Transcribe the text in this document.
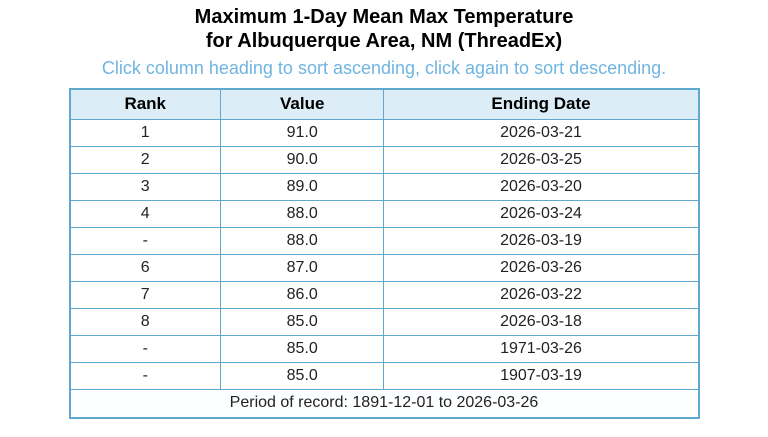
Maximum 1-Day Mean Max Temperature
for Albuquerque Area, NM (ThreadEx)
Click column heading to sort ascending, click again to sort descending.
Rank	Value	Ending Date
1	91.0	2026-03-21
2	90.0	2026-03-25
3	89.0	2026-03-20
4	88.0	2026-03-24
-	88.0	2026-03-19
6	87.0	2026-03-26
7	86.0	2026-03-22
8	85.0	2026-03-18
-	85.0	1971-03-26
-	85.0	1907-03-19
Period of record: 1891-12-01 to 2026-03-26		
